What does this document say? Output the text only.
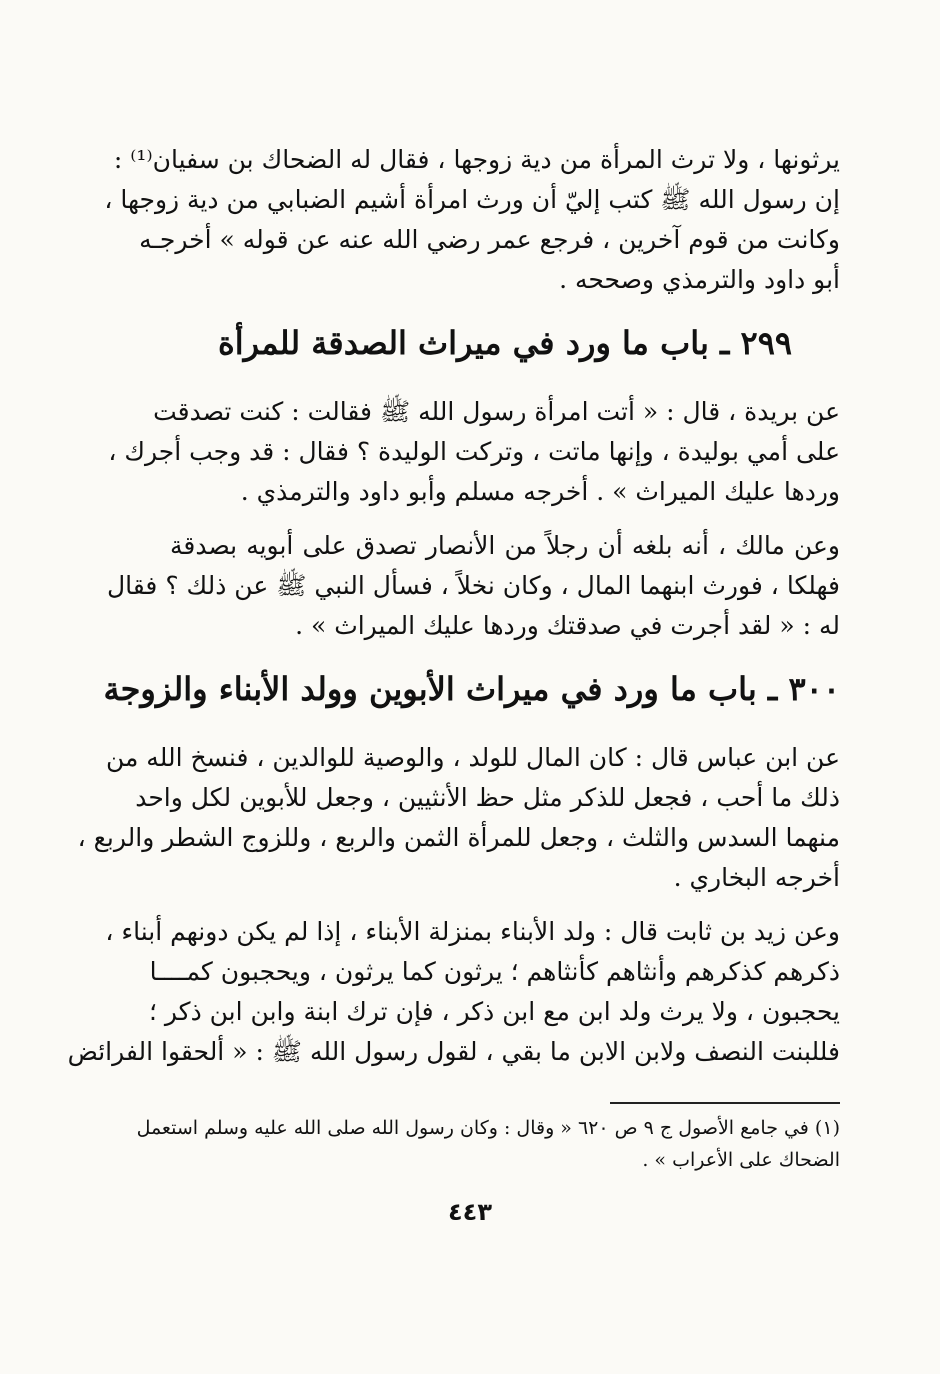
يرثونها ، ولا ترث المرأة من دية زوجها ، فقال له الضحاك بن سفيان⁽¹⁾ :
إن رسول الله ﷺ كتب إليّ أن ورث امرأة أشيم الضبابي من دية زوجها ،
وكانت من قوم آخرين ، فرجع عمر رضي الله عنه عن قوله » أخرجـه
أبو داود والترمذي وصححه .
٢٩٩ ـ باب ما ورد في ميراث الصدقة للمرأة
عن بريدة ، قال : « أتت امرأة رسول الله ﷺ فقالت : كنت تصدقت
على أمي بوليدة ، وإنها ماتت ، وتركت الوليدة ؟ فقال : قد وجب أجرك ،
وردها عليك الميراث » . أخرجه مسلم وأبو داود والترمذي .
وعن مالك ، أنه بلغه أن رجلاً من الأنصار تصدق على أبويه بصدقة
فهلكا ، فورث ابنهما المال ، وكان نخلاً ، فسأل النبي ﷺ عن ذلك ؟ فقال
له : « لقد أجرت في صدقتك وردها عليك الميراث » .
٣٠٠ ـ باب ما ورد في ميراث الأبوين وولد الأبناء والزوجة
عن ابن عباس قال : كان المال للولد ، والوصية للوالدين ، فنسخ الله من
ذلك ما أحب ، فجعل للذكر مثل حظ الأنثيين ، وجعل للأبوين لكل واحد
منهما السدس والثلث ، وجعل للمرأة الثمن والربع ، وللزوج الشطر والربع ،
أخرجه البخاري .
وعن زيد بن ثابت قال : ولد الأبناء بمنزلة الأبناء ، إذا لم يكن دونهم أبناء ،
ذكرهم كذكرهم وأنثاهم كأنثاهم ؛ يرثون كما يرثون ، ويحجبون كمــــا
يحجبون ، ولا يرث ولد ابن مع ابن ذكر ، فإن ترك ابنة وابن ابن ذكر ؛
فللبنت النصف ولابن الابن ما بقي ، لقول رسول الله ﷺ : « ألحقوا الفرائض
(١) في جامع الأصول ج ٩ ص ٦٢٠ « وقال : وكان رسول الله صلى الله عليه وسلم استعمل
الضحاك على الأعراب » .
٤٤٣
